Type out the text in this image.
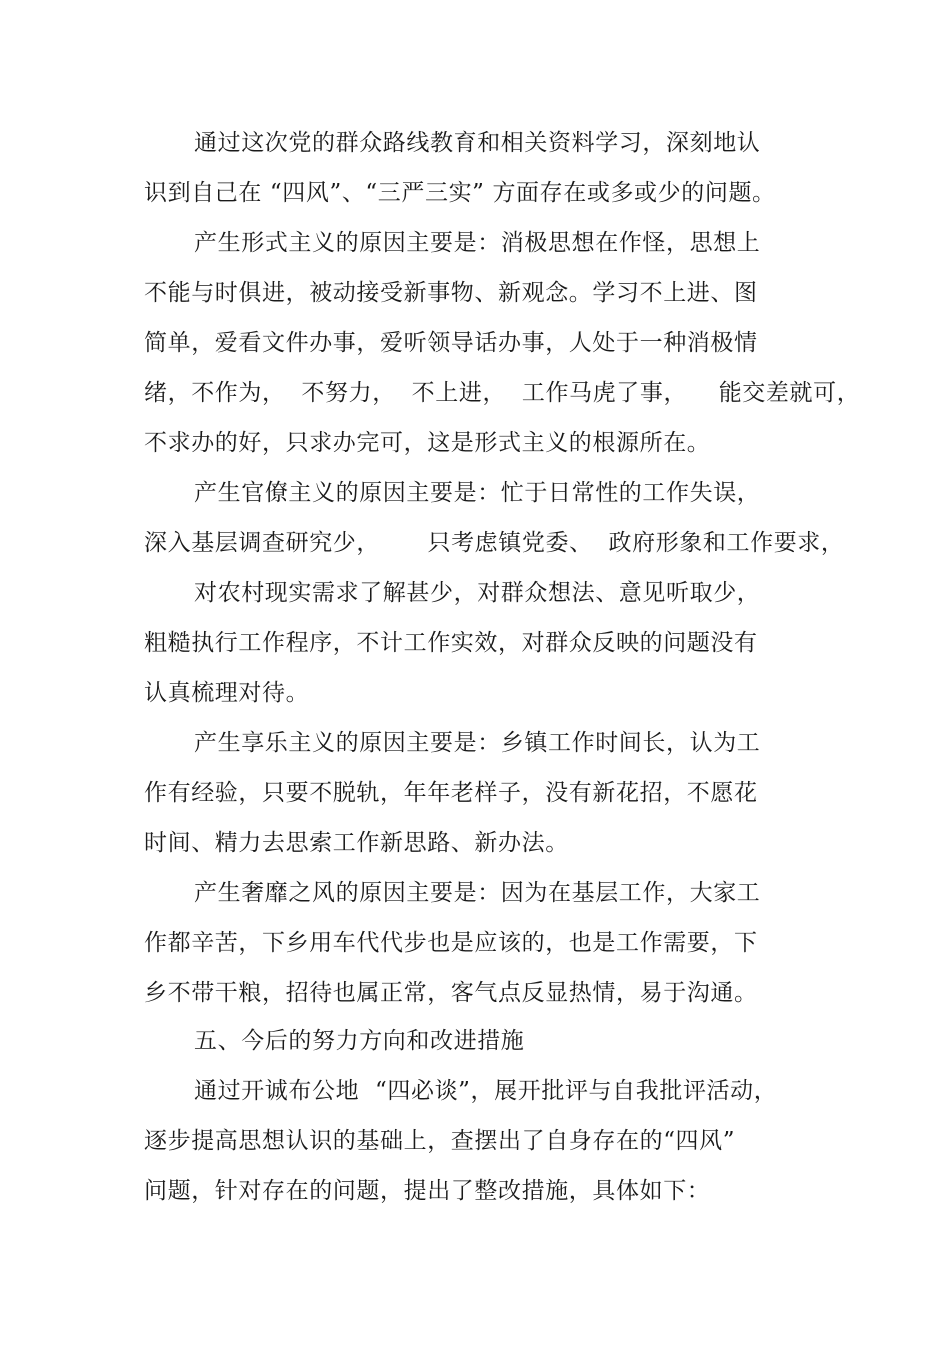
通过这次党的群众路线教育和相关资料学习，深刻地认
识到自己在 “四风”、“三严三实” 方面存在或多或少的问题。
产生形式主义的原因主要是：消极思想在作怪，思想上
不能与时俱进，被动接受新事物、新观念。学习不上进、图
简单，爱看文件办事，爱听领导话办事，人处于一种消极情
绪，不作为，  不努力，  不上进，  工作马虎了事，    能交差就可，
不求办的好，只求办完可，这是形式主义的根源所在。
产生官僚主义的原因主要是：忙于日常性的工作失误，
深入基层调查研究少，      只考虑镇党委、  政府形象和工作要求，
对农村现实需求了解甚少，对群众想法、意见听取少，
粗糙执行工作程序，不计工作实效，对群众反映的问题没有
认真梳理对待。
产生享乐主义的原因主要是：乡镇工作时间长，认为工
作有经验，只要不脱轨，年年老样子，没有新花招，不愿花
时间、精力去思索工作新思路、新办法。
产生奢靡之风的原因主要是：因为在基层工作，大家工
作都辛苦，下乡用车代代步也是应该的，也是工作需要，下
乡不带干粮，招待也属正常，客气点反显热情，易于沟通。
五、今后的努力方向和改进措施
通过开诚布公地  “四必谈”，展开批评与自我批评活动，
逐步提高思想认识的基础上，查摆出了自身存在的“四风”
问题，针对存在的问题，提出了整改措施，具体如下：
